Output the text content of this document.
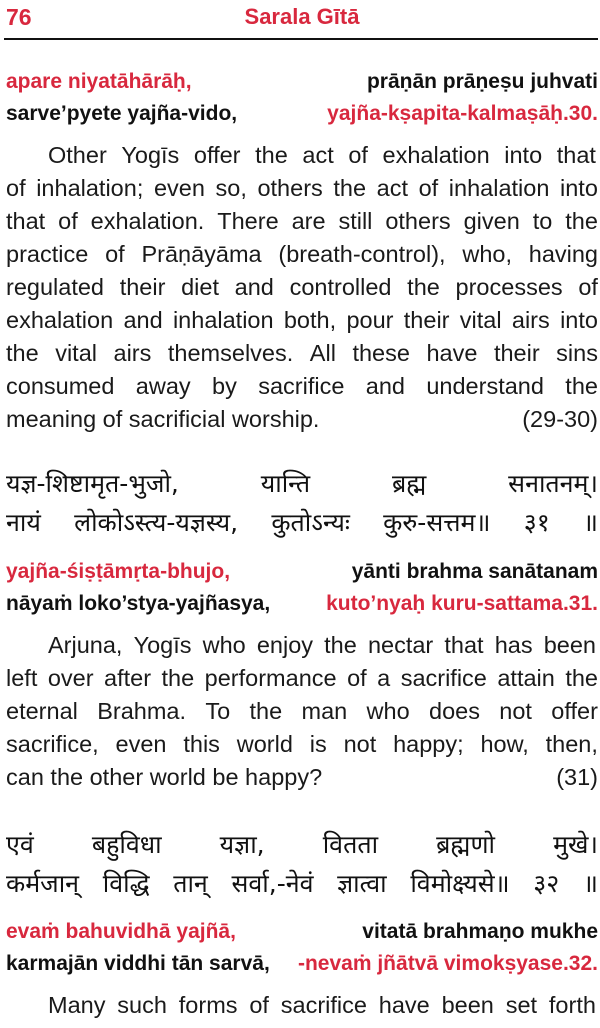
76	Sarala Gītā
apare niyatāhārāḥ,	prāṇān prāṇeṣu juhvati
sarve’pyete yajña-vido,	yajña-kṣapita-kalmaṣāḥ.30.
Other Yogīs offer the act of exhalation into that
of inhalation; even so, others the act of inhalation into
that of exhalation. There are still others given to the
practice of Prāṇāyāma (breath-control), who, having
regulated their diet and controlled the processes of
exhalation and inhalation both, pour their vital airs into
the vital airs themselves. All these have their sins
consumed away by sacrifice and understand the
meaning of sacrificial worship.	(29-30)
यज्ञ-शिष्टामृत-भुजो,	यान्ति	ब्रह्म	सनातनम्।
नायं लोकोऽस्त्य-यज्ञस्य, कुतोऽन्यः कुरु-सत्तम॥ ३१ ॥
yajña-śiṣṭāmṛta-bhujo,	yānti brahma sanātanam
nāyaṁ loko’stya-yajñasya,	kuto’nyaḥ kuru-sattama.31.
Arjuna, Yogīs who enjoy the nectar that has been
left over after the performance of a sacrifice attain the
eternal Brahma. To the man who does not offer
sacrifice, even this world is not happy; how, then,
can the other world be happy?	(31)
एवं बहुविधा यज्ञा, वितता ब्रह्मणो मुखे।
कर्मजान् विद्धि तान् सर्वा,-नेवं ज्ञात्वा विमोक्ष्यसे॥ ३२ ॥
evaṁ bahuvidhā yajñā,	vitatā brahmaṇo mukhe
karmajān viddhi tān sarvā, -nevaṁ jñātvā vimokṣyase.32.
Many such forms of sacrifice have been set forth
